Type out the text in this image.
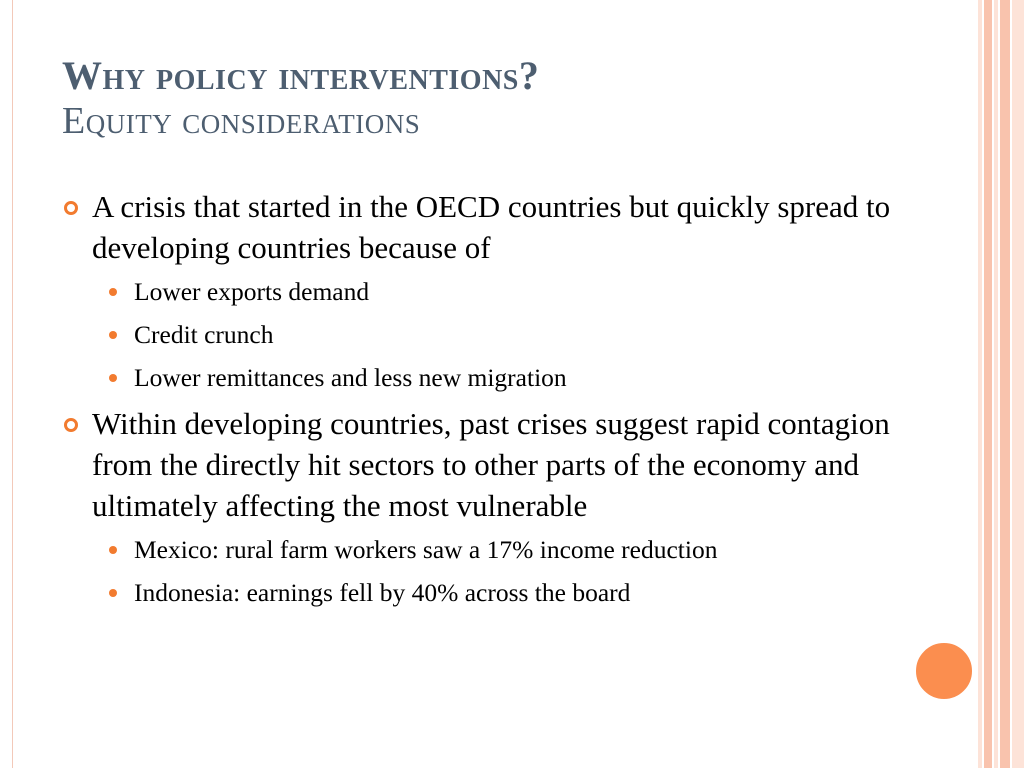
Why policy interventions?
Equity considerations
A crisis that started in the OECD countries but quickly spread to developing countries because of
Lower exports demand
Credit crunch
Lower remittances and less new migration
Within developing countries, past crises suggest rapid contagion from the directly hit sectors to other parts of the economy and ultimately affecting the most vulnerable
Mexico: rural farm workers saw a 17% income reduction
Indonesia: earnings fell by 40% across the board
